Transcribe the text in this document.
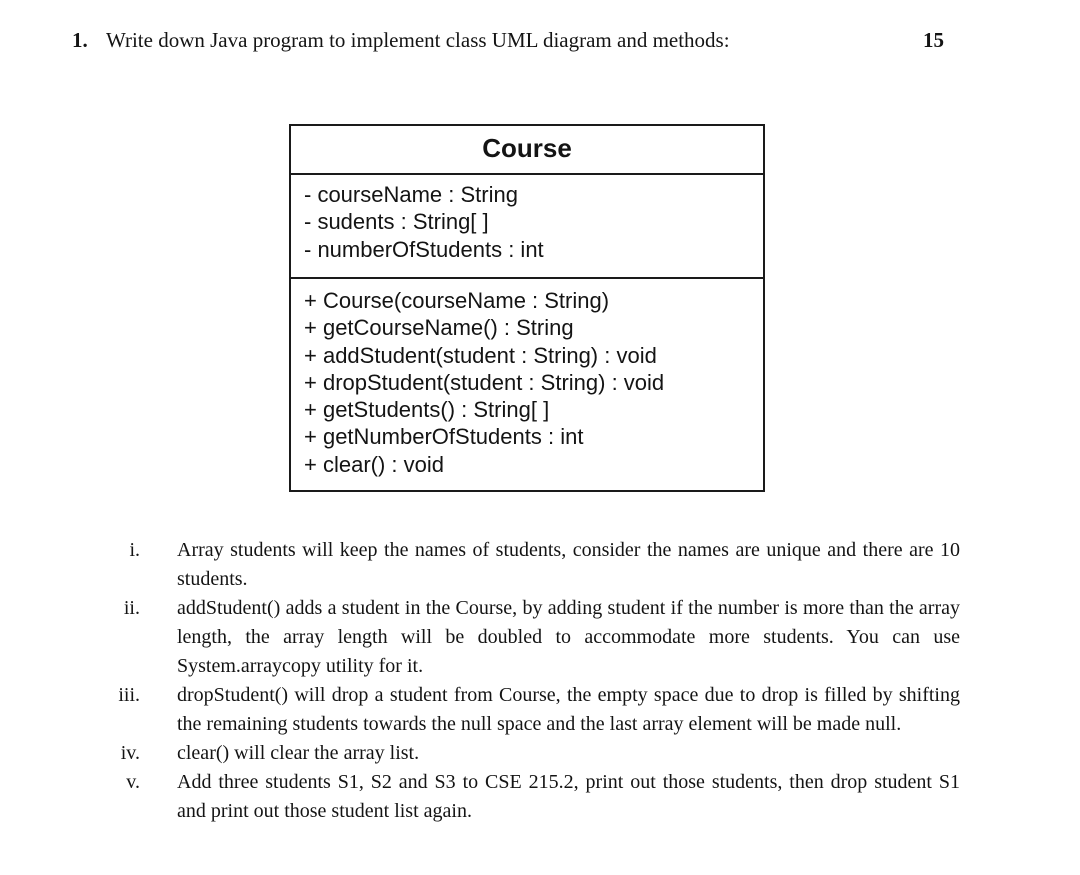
1. Write down Java program to implement class UML diagram and methods:	15
Course
- courseName : String
- sudents : String[ ]
- numberOfStudents : int
+ Course(courseName : String)
+ getCourseName() : String
+ addStudent(student : String) : void
+ dropStudent(student : String) : void
+ getStudents() : String[ ]
+ getNumberOfStudents : int
+ clear() : void
i. Array students will keep the names of students, consider the names are unique and there are 10 students.
ii. addStudent() adds a student in the Course, by adding student if the number is more than the array length, the array length will be doubled to accommodate more students. You can use System.arraycopy utility for it.
iii. dropStudent() will drop a student from Course, the empty space due to drop is filled by shifting the remaining students towards the null space and the last array element will be made null.
iv. clear() will clear the array list.
v. Add three students S1, S2 and S3 to CSE 215.2, print out those students, then drop student S1 and print out those student list again.
